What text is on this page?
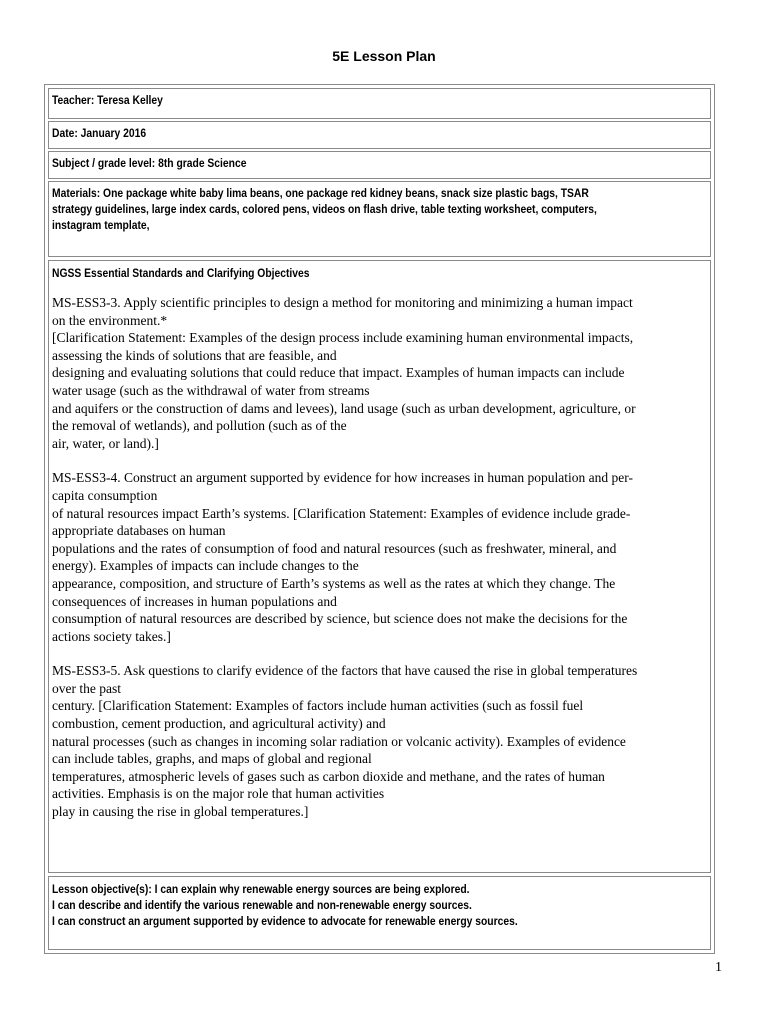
5E Lesson Plan
Teacher: Teresa Kelley
Date: January 2016
Subject / grade level: 8th grade Science
Materials: One package white baby lima beans, one package red kidney beans, snack size plastic bags, TSAR
strategy guidelines, large index cards, colored pens, videos on flash drive, table texting worksheet, computers,
instagram template,
NGSS Essential Standards and Clarifying Objectives
MS-ESS3-3. Apply scientific principles to design a method for monitoring and minimizing a human impact
on the environment.*
[Clarification Statement: Examples of the design process include examining human environmental impacts,
assessing the kinds of solutions that are feasible, and
designing and evaluating solutions that could reduce that impact. Examples of human impacts can include
water usage (such as the withdrawal of water from streams
and aquifers or the construction of dams and levees), land usage (such as urban development, agriculture, or
the removal of wetlands), and pollution (such as of the
air, water, or land).]
MS-ESS3-4. Construct an argument supported by evidence for how increases in human population and per-
capita consumption
of natural resources impact Earth’s systems. [Clarification Statement: Examples of evidence include grade-
appropriate databases on human
populations and the rates of consumption of food and natural resources (such as freshwater, mineral, and
energy). Examples of impacts can include changes to the
appearance, composition, and structure of Earth’s systems as well as the rates at which they change. The
consequences of increases in human populations and
consumption of natural resources are described by science, but science does not make the decisions for the
actions society takes.]
MS-ESS3-5. Ask questions to clarify evidence of the factors that have caused the rise in global temperatures
over the past
century. [Clarification Statement: Examples of factors include human activities (such as fossil fuel
combustion, cement production, and agricultural activity) and
natural processes (such as changes in incoming solar radiation or volcanic activity). Examples of evidence
can include tables, graphs, and maps of global and regional
temperatures, atmospheric levels of gases such as carbon dioxide and methane, and the rates of human
activities. Emphasis is on the major role that human activities
play in causing the rise in global temperatures.]
Lesson objective(s): I can explain why renewable energy sources are being explored.
I can describe and identify the various renewable and non-renewable energy sources.
I can construct an argument supported by evidence to advocate for renewable energy sources.
1
